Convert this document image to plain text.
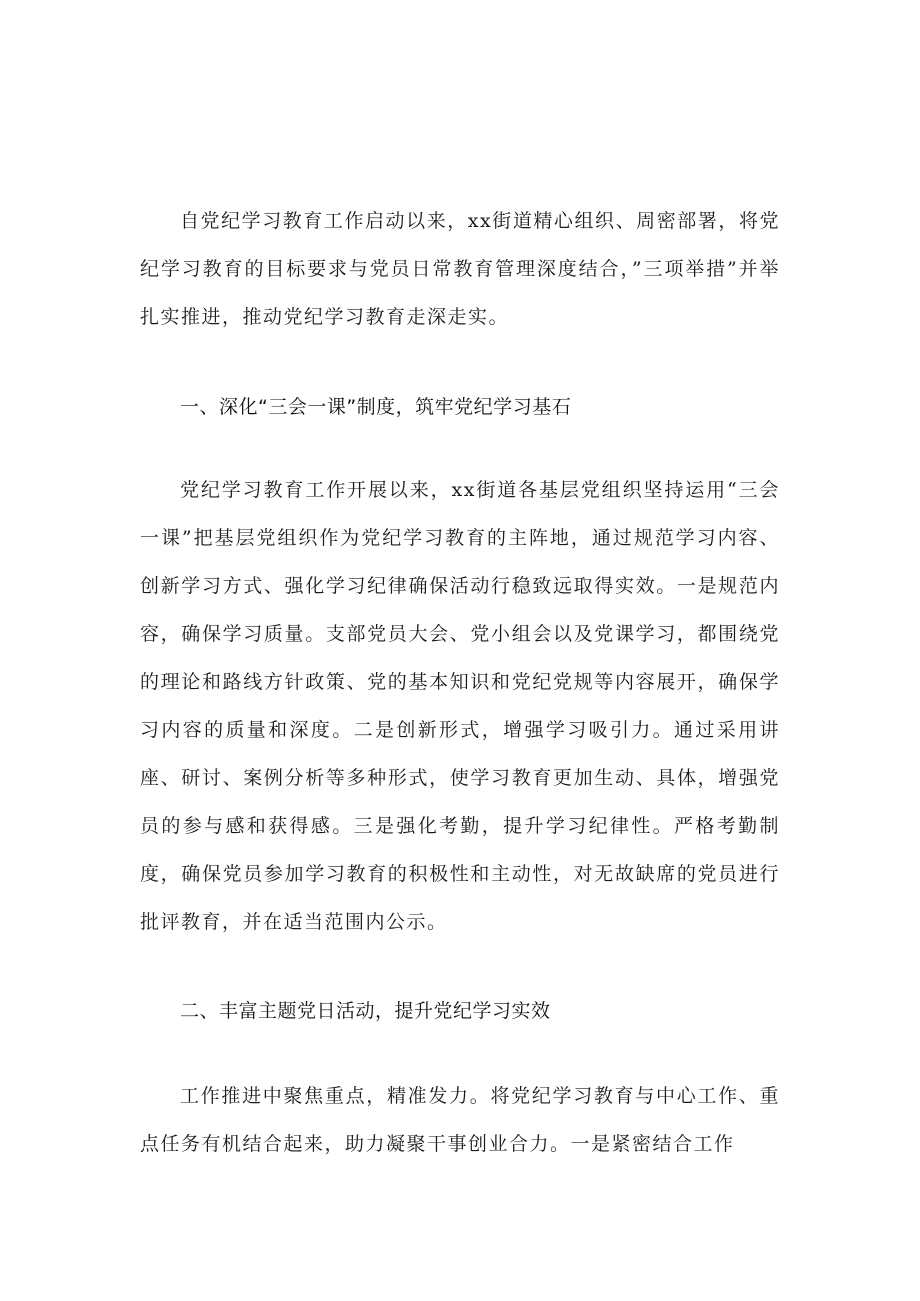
自党纪学习教育工作启动以来，xx街道精心组织、周密部署，将党纪学习教育的目标要求与党员日常教育管理深度结合，”三项举措”并举扎实推进，推动党纪学习教育走深走实。

一、深化“三会一课”制度，筑牢党纪学习基石

党纪学习教育工作开展以来，xx街道各基层党组织坚持运用“三会一课”把基层党组织作为党纪学习教育的主阵地，通过规范学习内容、创新学习方式、强化学习纪律确保活动行稳致远取得实效。一是规范内容，确保学习质量。支部党员大会、党小组会以及党课学习，都围绕党的理论和路线方针政策、党的基本知识和党纪党规等内容展开，确保学习内容的质量和深度。二是创新形式，增强学习吸引力。通过采用讲座、研讨、案例分析等多种形式，使学习教育更加生动、具体，增强党员的参与感和获得感。三是强化考勤，提升学习纪律性。严格考勤制度，确保党员参加学习教育的积极性和主动性，对无故缺席的党员进行批评教育，并在适当范围内公示。

二、丰富主题党日活动，提升党纪学习实效

工作推进中聚焦重点，精准发力。将党纪学习教育与中心工作、重点任务有机结合起来，助力凝聚干事创业合力。一是紧密结合工作
